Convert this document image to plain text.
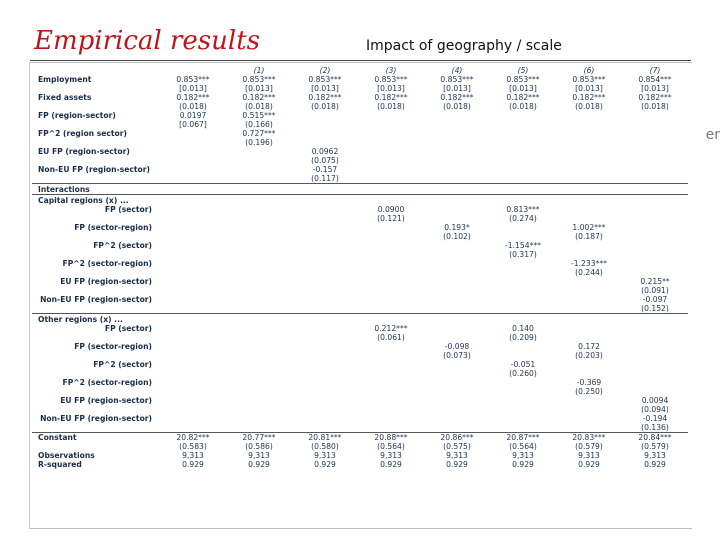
Empirical results	Impact of geography / scale
er
		(1)	(2)	(3)	(4)	(5)	(6)	(7)
Employment	0.853***	0.853***	0.853***	0.853***	0.853***	0.853***	0.853***	0.854***
	[0.013]	[0.013]	[0.013]	[0.013]	[0.013]	[0.013]	[0.013]	[0.013]
Fixed assets	0.182***	0.182***	0.182***	0.182***	0.182***	0.182***	0.182***	0.182***
	(0.018)	(0.018)	(0.018)	(0.018)	(0.018)	(0.018)	(0.018)	(0.018)
FP (region-sector)	0.0197	0.515***						
	[0.067]	(0.166)						
FP^2 (region sector)		0.727***						
		(0.196)						
EU FP (region-sector)			0.0962					
			(0.075)					
Non-EU FP (region-sector)			-0.157					
			(0.117)					
Interactions								
Capital regions (x) ...								
FP (sector)				0.0900		0.813***		
				(0.121)		(0.274)		
FP (sector-region)					0.193*		1.002***	
					(0.102)		(0.187)	
FP^2 (sector)						-1.154***		
						(0.317)		
FP^2 (sector-region)							-1.233***	
							(0.244)	
EU FP (region-sector)								0.215**
								(0.091)
Non-EU FP (region-sector)								-0.097
								(0.152)
Other regions (x) ...								
FP (sector)				0.212***		0.140		
				(0.061)		(0.209)		
FP (sector-region)					-0.098		0.172	
					(0.073)		(0.203)	
FP^2 (sector)						-0.051		
						(0.260)		
FP^2 (sector-region)							-0.369	
							(0.250)	
EU FP (region-sector)								0.0094
								(0.094)
Non-EU FP (region-sector)								-0.194
								(0.136)
Constant	20.82***	20.77***	20.81***	20.88***	20.86***	20.87***	20.83***	20.84***
	(0.583)	(0.586)	(0.580)	(0.564)	(0.575)	(0.564)	(0.579)	(0.579)
Observations	9,313	9,313	9,313	9,313	9,313	9,313	9,313	9,313
R-squared	0.929	0.929	0.929	0.929	0.929	0.929	0.929	0.929
